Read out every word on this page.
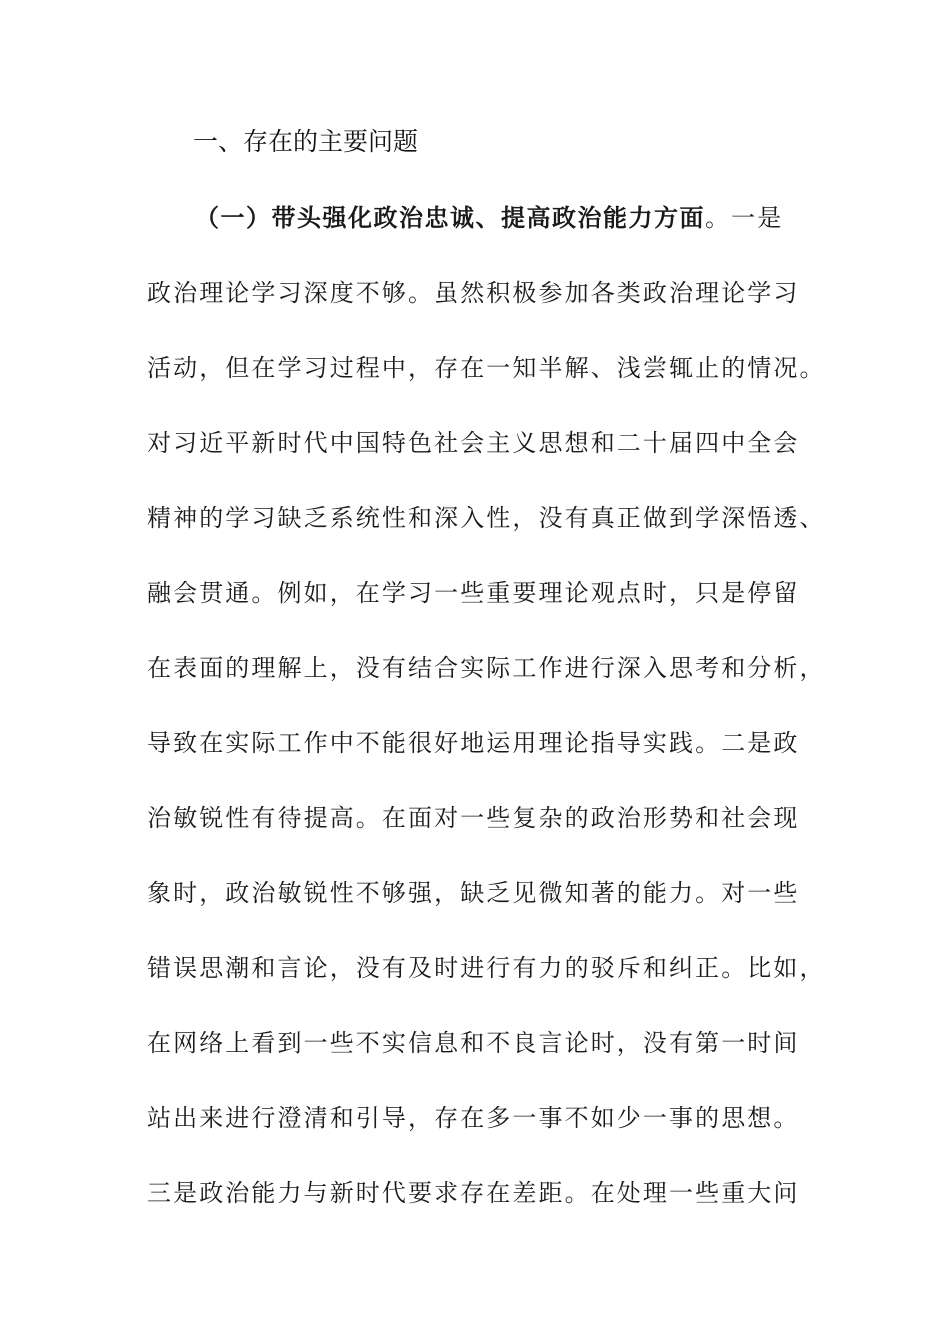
一、存在的主要问题
（一）带头强化政治忠诚、提高政治能力方面。一是
政治理论学习深度不够。虽然积极参加各类政治理论学习
活动，但在学习过程中，存在一知半解、浅尝辄止的情况。
对习近平新时代中国特色社会主义思想和二十届四中全会
精神的学习缺乏系统性和深入性，没有真正做到学深悟透、
融会贯通。例如，在学习一些重要理论观点时，只是停留
在表面的理解上，没有结合实际工作进行深入思考和分析，
导致在实际工作中不能很好地运用理论指导实践。二是政
治敏锐性有待提高。在面对一些复杂的政治形势和社会现
象时，政治敏锐性不够强，缺乏见微知著的能力。对一些
错误思潮和言论，没有及时进行有力的驳斥和纠正。比如，
在网络上看到一些不实信息和不良言论时，没有第一时间
站出来进行澄清和引导，存在多一事不如少一事的思想。
三是政治能力与新时代要求存在差距。在处理一些重大问
